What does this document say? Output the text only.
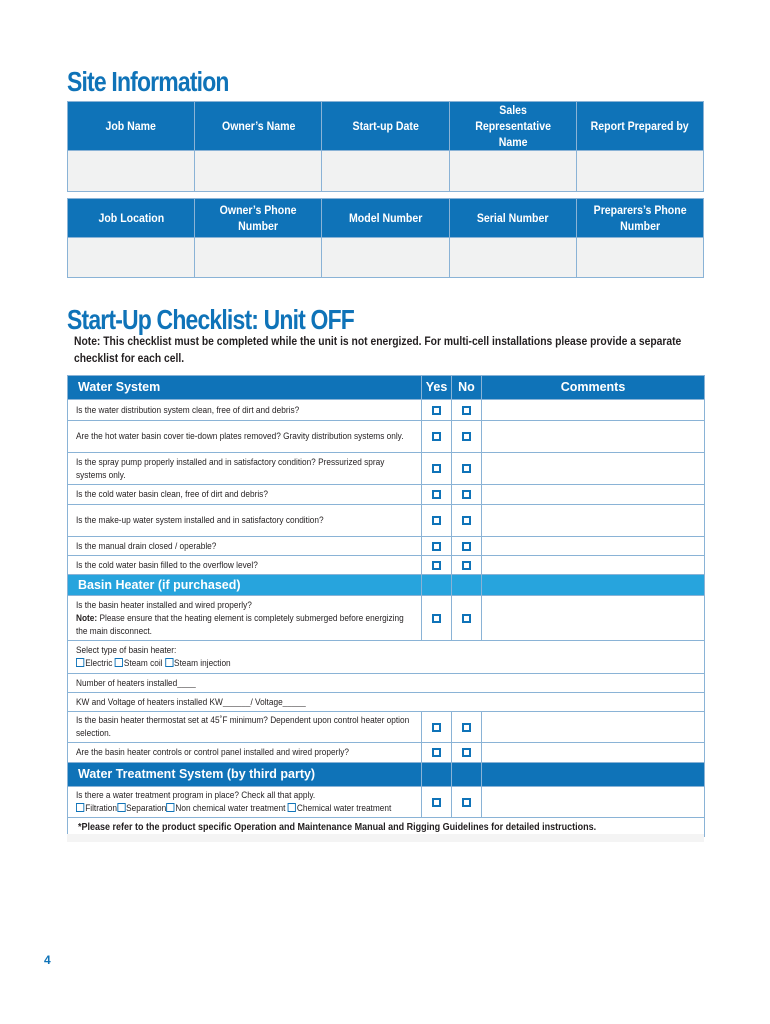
Site Information
Job Name	Owner’s Name	Start-up Date	Sales Representative Name	Report Prepared by

Job Location	Owner’s Phone Number	Model Number	Serial Number	Preparers’s Phone Number

Start-Up Checklist: Unit OFF
Note: This checklist must be completed while the unit is not energized. For multi-cell installations please provide a separate checklist for each cell.
Water System	Yes	No	Comments

Is the water distribution system clean, free of dirt and debris?			

Are the hot water basin cover tie-down plates removed? Gravity distribution systems only.			

Is the spray pump properly installed and in satisfactory condition? Pressurized spray systems only.			

Is the cold water basin clean, free of dirt and debris?			

Is the make-up water system installed and in satisfactory condition?			

Is the manual drain closed / operable?			

Is the cold water basin filled to the overflow level?			

Basin Heater (if purchased)			

Is the basin heater installed and wired properly?
Note: Please ensure that the heating element is completely submerged before energizing the main disconnect.			

Select type of basin heater:
Electric Steam coil Steam injection			

Number of heaters installed____			

KW and Voltage of heaters installed KW______/ Voltage_____			

Is the basin heater thermostat set at 45˚F minimum? Dependent upon control heater option selection.			

Are the basin heater controls or control panel installed and wired properly?			

Water Treatment System (by third party)			

Is there a water treatment program in place? Check all that apply.
Filtration Separation Non chemical water treatment Chemical water treatment			

*Please refer to the product specific Operation and Maintenance Manual and Rigging Guidelines for detailed instructions.			
4
